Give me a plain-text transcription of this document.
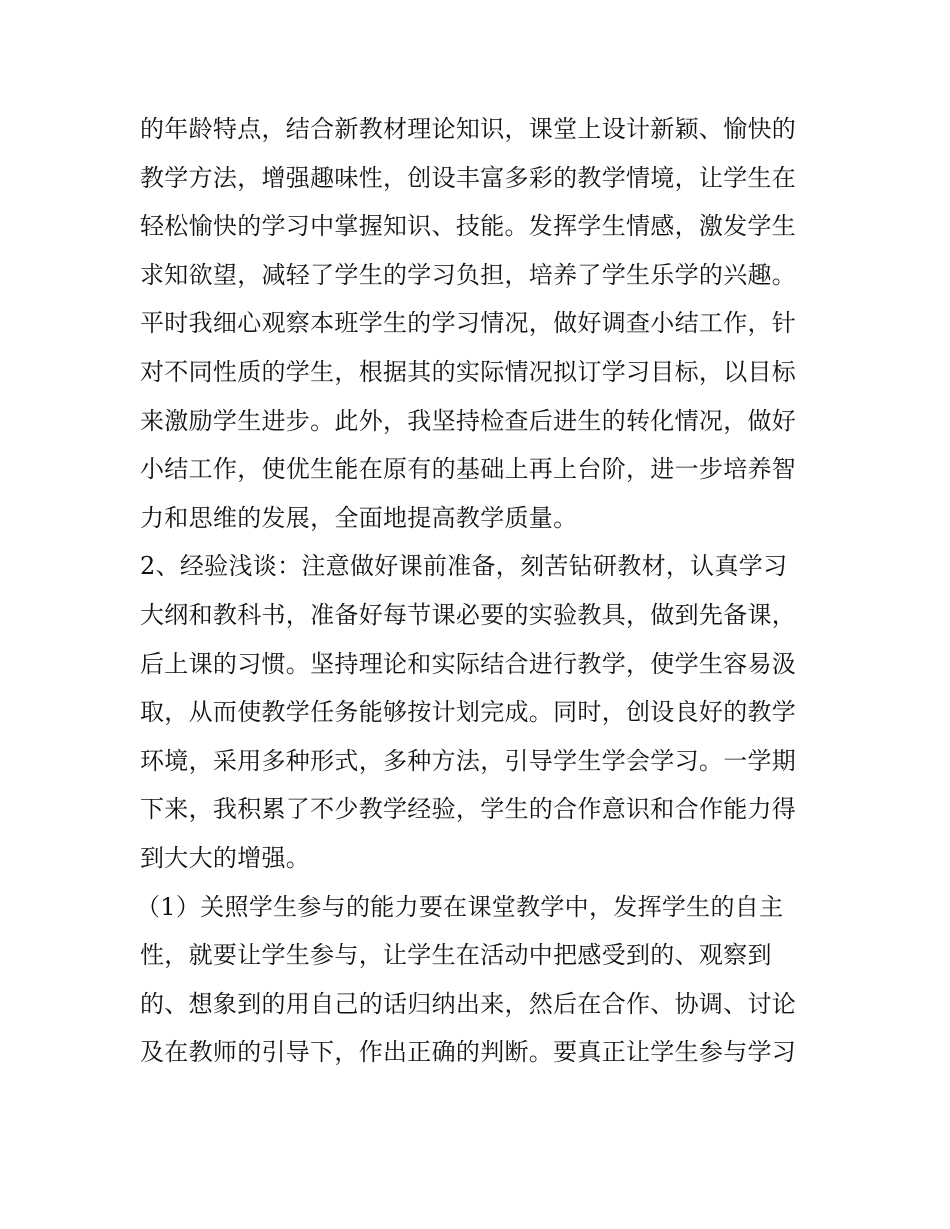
的年龄特点，结合新教材理论知识，课堂上设计新颖、愉快的
教学方法，增强趣味性，创设丰富多彩的教学情境，让学生在
轻松愉快的学习中掌握知识、技能。发挥学生情感，激发学生
求知欲望，减轻了学生的学习负担，培养了学生乐学的兴趣。
平时我细心观察本班学生的学习情况，做好调查小结工作，针
对不同性质的学生，根据其的实际情况拟订学习目标，以目标
来激励学生进步。此外，我坚持检查后进生的转化情况，做好
小结工作，使优生能在原有的基础上再上台阶，进一步培养智
力和思维的发展，全面地提高教学质量。
2、经验浅谈：注意做好课前准备，刻苦钻研教材，认真学习
大纲和教科书，准备好每节课必要的实验教具，做到先备课，
后上课的习惯。坚持理论和实际结合进行教学，使学生容易汲
取，从而使教学任务能够按计划完成。同时，创设良好的教学
环境，采用多种形式，多种方法，引导学生学会学习。一学期
下来，我积累了不少教学经验，学生的合作意识和合作能力得
到大大的增强。
（1）关照学生参与的能力要在课堂教学中，发挥学生的自主
性，就要让学生参与，让学生在活动中把感受到的、观察到
的、想象到的用自己的话归纳出来，然后在合作、协调、讨论
及在教师的引导下，作出正确的判断。要真正让学生参与学习
